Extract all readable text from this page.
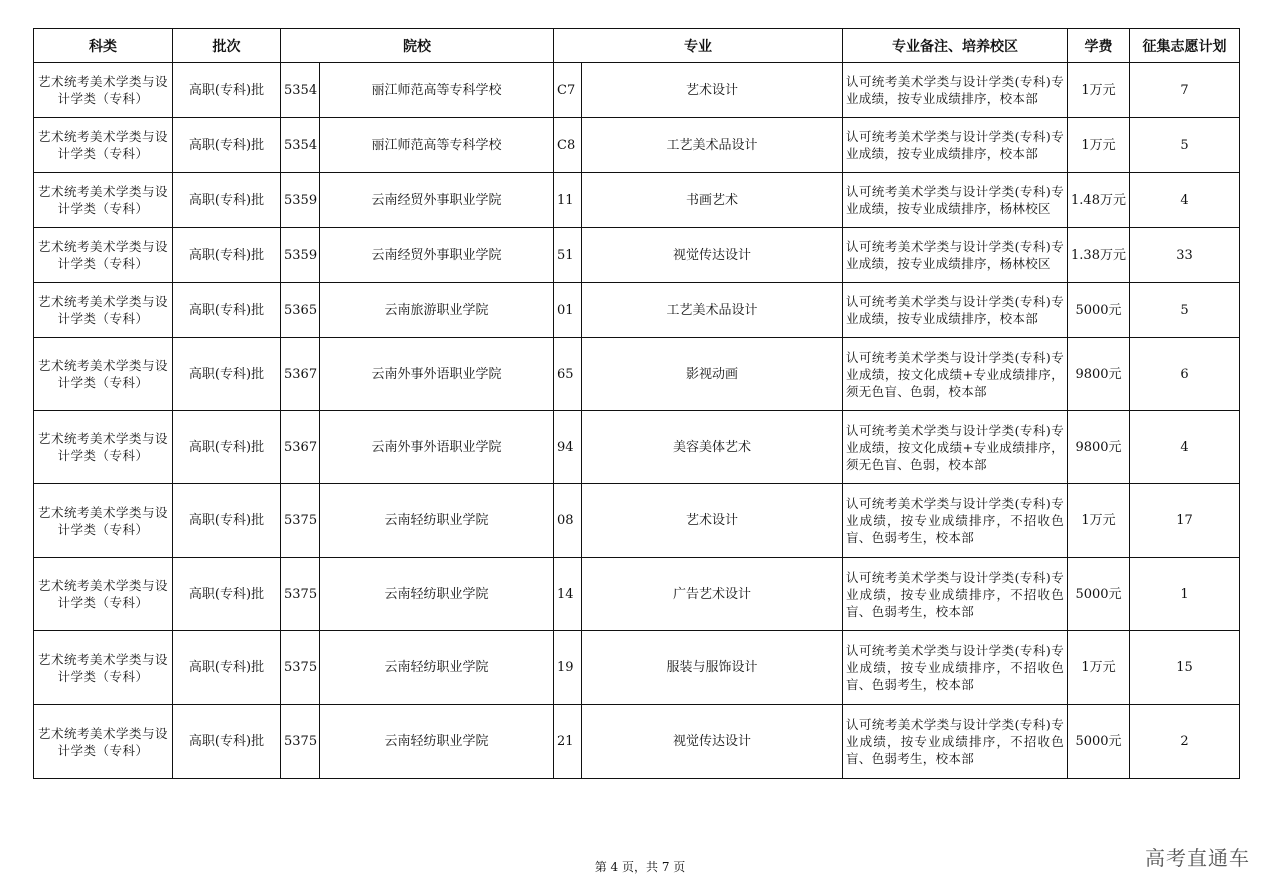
科类	批次	院校		专业		专业备注、培养校区	学费	征集志愿计划
艺术统考美术学类与设计学类（专科）	高职(专科)批	5354	丽江师范高等专科学校	C7	艺术设计	认可统考美术学类与设计学类(专科)专业成绩，按专业成绩排序，校本部	1万元	7
艺术统考美术学类与设计学类（专科）	高职(专科)批	5354	丽江师范高等专科学校	C8	工艺美术品设计	认可统考美术学类与设计学类(专科)专业成绩，按专业成绩排序，校本部	1万元	5
艺术统考美术学类与设计学类（专科）	高职(专科)批	5359	云南经贸外事职业学院	11	书画艺术	认可统考美术学类与设计学类(专科)专业成绩，按专业成绩排序，杨林校区	1.48万元	4
艺术统考美术学类与设计学类（专科）	高职(专科)批	5359	云南经贸外事职业学院	51	视觉传达设计	认可统考美术学类与设计学类(专科)专业成绩，按专业成绩排序，杨林校区	1.38万元	33
艺术统考美术学类与设计学类（专科）	高职(专科)批	5365	云南旅游职业学院	01	工艺美术品设计	认可统考美术学类与设计学类(专科)专业成绩，按专业成绩排序，校本部	5000元	5
艺术统考美术学类与设计学类（专科）	高职(专科)批	5367	云南外事外语职业学院	65	影视动画	认可统考美术学类与设计学类(专科)专业成绩，按文化成绩+专业成绩排序，须无色盲、色弱，校本部	9800元	6
艺术统考美术学类与设计学类（专科）	高职(专科)批	5367	云南外事外语职业学院	94	美容美体艺术	认可统考美术学类与设计学类(专科)专业成绩，按文化成绩+专业成绩排序，须无色盲、色弱，校本部	9800元	4
艺术统考美术学类与设计学类（专科）	高职(专科)批	5375	云南轻纺职业学院	08	艺术设计	认可统考美术学类与设计学类(专科)专业成绩，按专业成绩排序，不招收色盲、色弱考生，校本部	1万元	17
艺术统考美术学类与设计学类（专科）	高职(专科)批	5375	云南轻纺职业学院	14	广告艺术设计	认可统考美术学类与设计学类(专科)专业成绩，按专业成绩排序，不招收色盲、色弱考生，校本部	5000元	1
艺术统考美术学类与设计学类（专科）	高职(专科)批	5375	云南轻纺职业学院	19	服装与服饰设计	认可统考美术学类与设计学类(专科)专业成绩，按专业成绩排序，不招收色盲、色弱考生，校本部	1万元	15
艺术统考美术学类与设计学类（专科）	高职(专科)批	5375	云南轻纺职业学院	21	视觉传达设计	认可统考美术学类与设计学类(专科)专业成绩，按专业成绩排序，不招收色盲、色弱考生，校本部	5000元	2
第 4 页，共 7 页	高考直通车
